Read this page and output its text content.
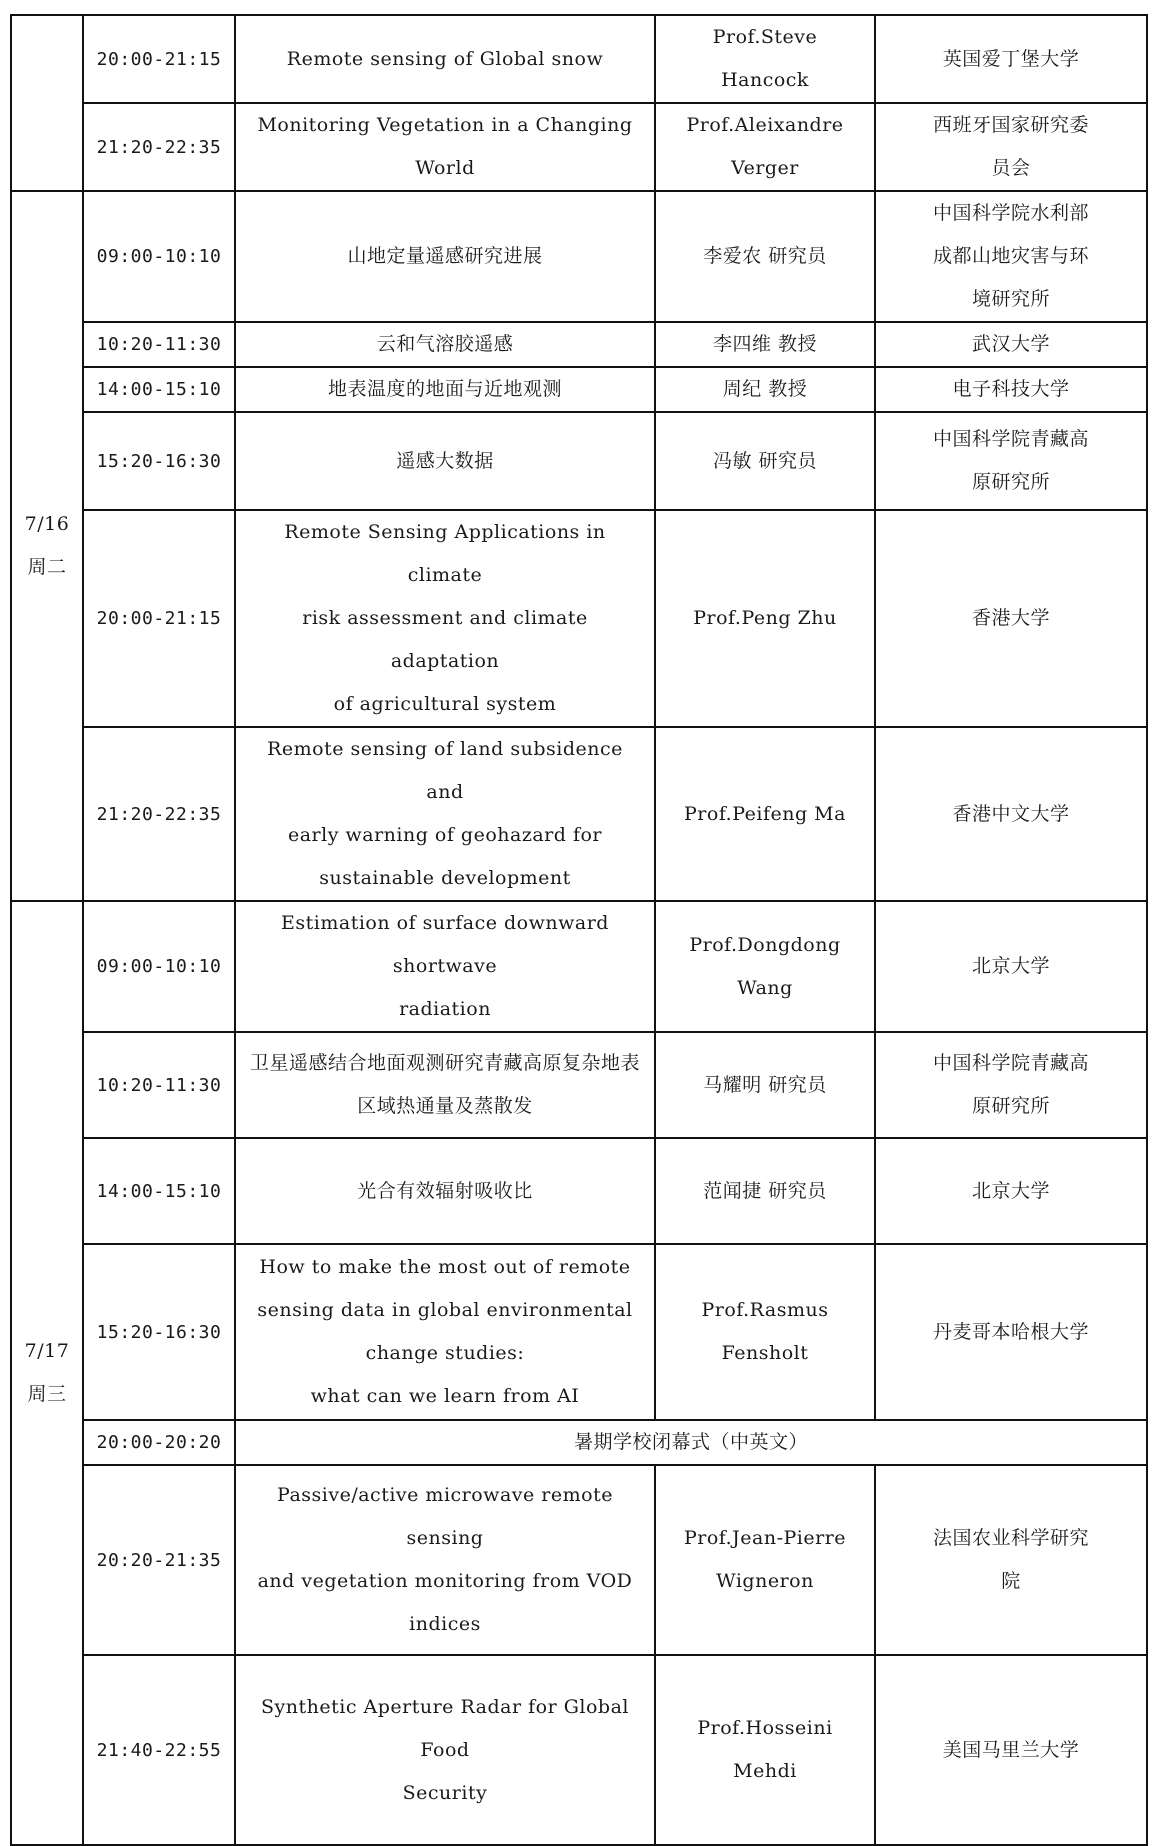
	20:00-21:15	Remote sensing of Global snow	Prof.Steve Hancock	英国爱丁堡大学
	21:20-22:35	Monitoring Vegetation in a Changing
World	Prof.Aleixandre
Verger	西班牙国家研究委
员会

7/16
周二	09:00-10:10	山地定量遥感研究进展	李爱农 研究员	中国科学院水利部
成都山地灾害与环
境研究所
	10:20-11:30	云和气溶胶遥感	李四维 教授	武汉大学
	14:00-15:10	地表温度的地面与近地观测	周纪 教授	电子科技大学
	15:20-16:30	遥感大数据	冯敏 研究员	中国科学院青藏高
原研究所
	20:00-21:15	Remote Sensing Applications in climate
risk assessment and climate adaptation
of agricultural system	Prof.Peng Zhu	香港大学
	21:20-22:35	Remote sensing of land subsidence and
early warning of geohazard for
sustainable development	Prof.Peifeng Ma	香港中文大学

7/17
周三	09:00-10:10	Estimation of surface downward shortwave
radiation	Prof.Dongdong Wang	北京大学
	10:20-11:30	卫星遥感结合地面观测研究青藏高原复杂地表
区域热通量及蒸散发	马耀明 研究员	中国科学院青藏高
原研究所
	14:00-15:10	光合有效辐射吸收比	范闻捷 研究员	北京大学
	15:20-16:30	How to make the most out of remote
sensing data in global environmental
change studies:
what can we learn from AI	Prof.Rasmus
Fensholt	丹麦哥本哈根大学
	20:00-20:20	暑期学校闭幕式（中英文）		
	20:20-21:35	Passive/active microwave remote sensing
and vegetation monitoring from VOD
indices	Prof.Jean-Pierre
Wigneron	法国农业科学研究
院
	21:40-22:55	Synthetic Aperture Radar for Global Food
Security	Prof.Hosseini
Mehdi	美国马里兰大学
